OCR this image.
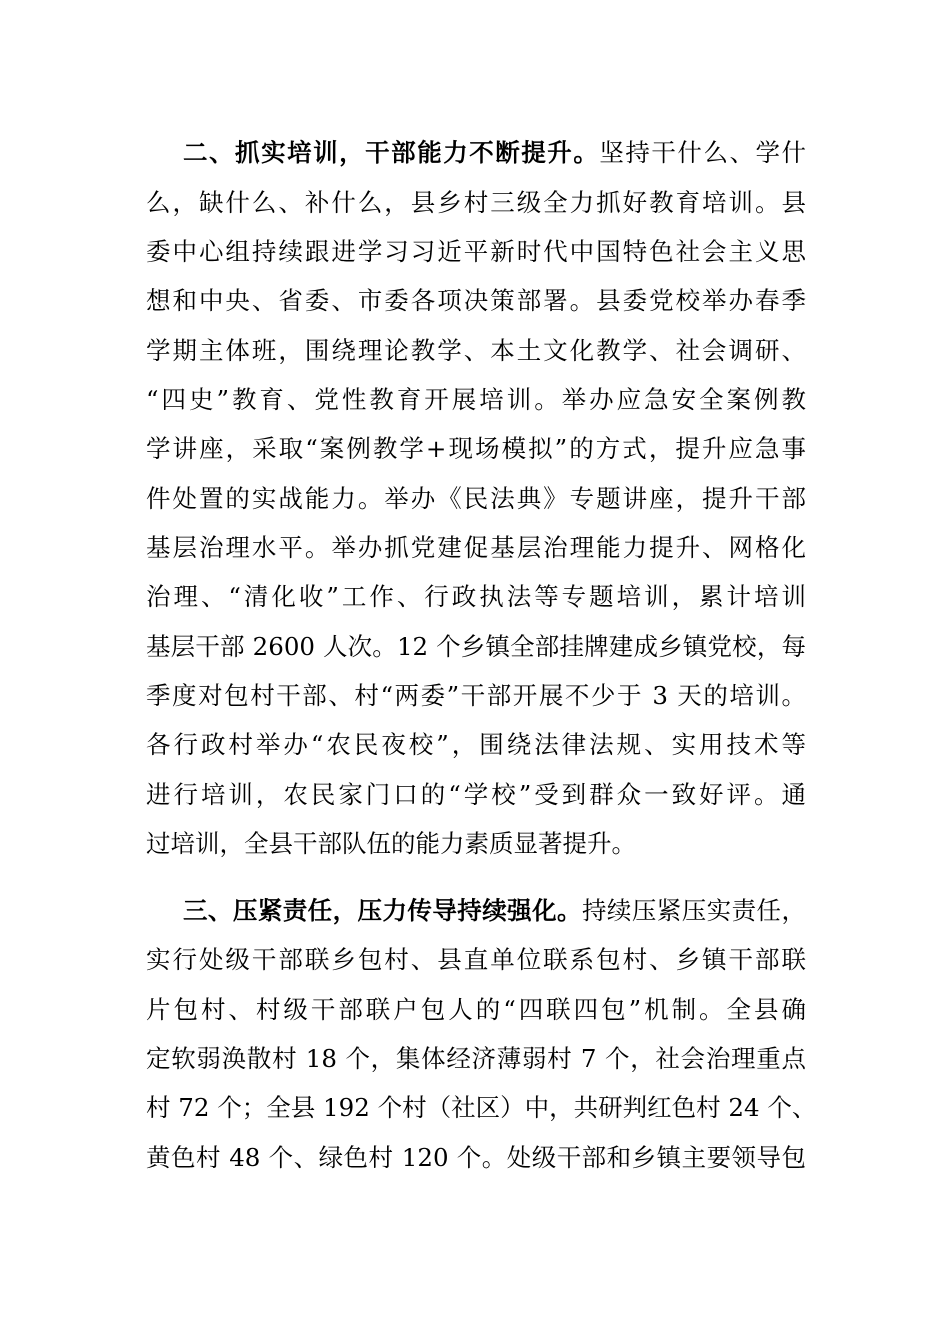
二、抓实培训，干部能力不断提升。坚持干什么、学什
么，缺什么、补什么，县乡村三级全力抓好教育培训。县
委中心组持续跟进学习习近平新时代中国特色社会主义思
想和中央、省委、市委各项决策部署。县委党校举办春季
学期主体班，围绕理论教学、本土文化教学、社会调研、
“四史”教育、党性教育开展培训。举办应急安全案例教
学讲座，采取“案例教学+现场模拟”的方式，提升应急事
件处置的实战能力。举办《民法典》专题讲座，提升干部
基层治理水平。举办抓党建促基层治理能力提升、网格化
治理、“清化收”工作、行政执法等专题培训，累计培训
基层干部 2600 人次。12 个乡镇全部挂牌建成乡镇党校，每
季度对包村干部、村“两委”干部开展不少于 3 天的培训。
各行政村举办“农民夜校”，围绕法律法规、实用技术等
进行培训，农民家门口的“学校”受到群众一致好评。通
过培训，全县干部队伍的能力素质显著提升。
三、压紧责任，压力传导持续强化。持续压紧压实责任，
实行处级干部联乡包村、县直单位联系包村、乡镇干部联
片包村、村级干部联户包人的“四联四包”机制。全县确
定软弱涣散村 18 个，集体经济薄弱村 7 个，社会治理重点
村 72 个；全县 192 个村（社区）中，共研判红色村 24 个、
黄色村 48 个、绿色村 120 个。处级干部和乡镇主要领导包
